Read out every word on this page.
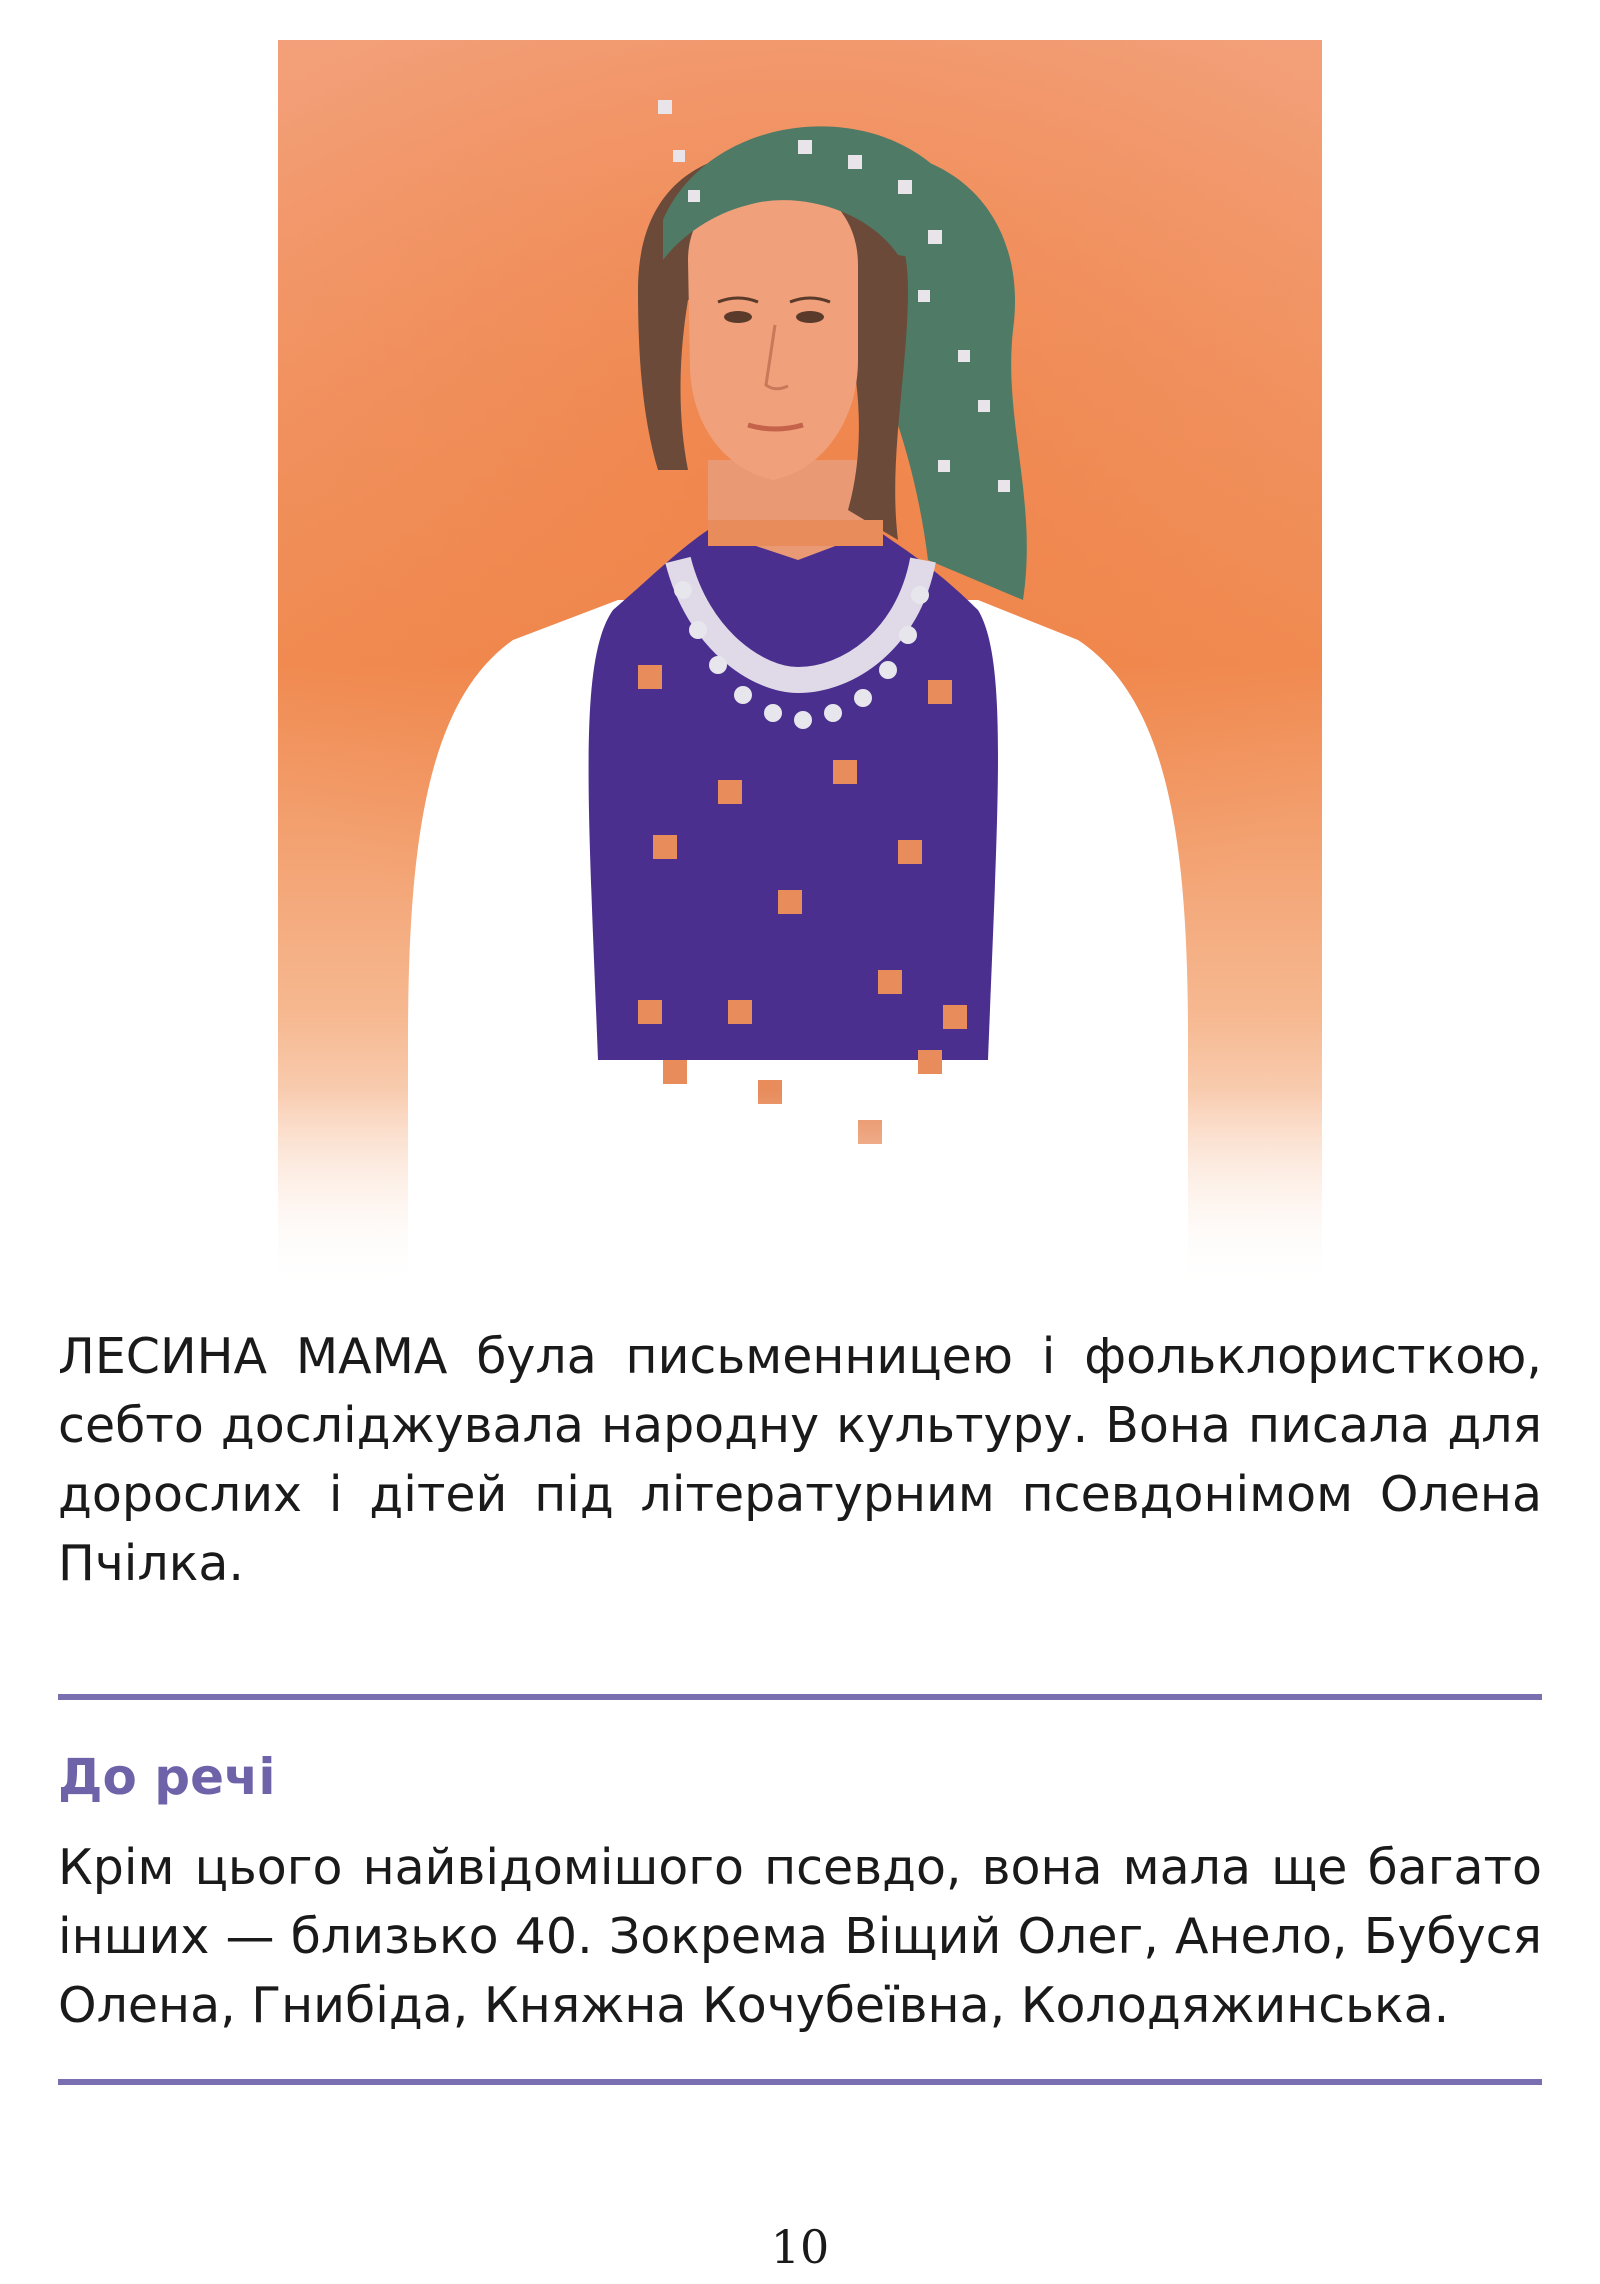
ЛЕСИНА МАМА була письменницею і фольклористкою, себто досліджувала народну культуру. Вона писала для дорослих і дітей під літературним псевдонімом Олена Пчілка.

До речі

Крім цього найвідомішого псевдо, вона мала ще багато інших — близько 40. Зокрема Віщий Олег, Анело, Бубуся Олена, Гнибіда, Княжна Кочубеївна, Колодяжинська.

10
